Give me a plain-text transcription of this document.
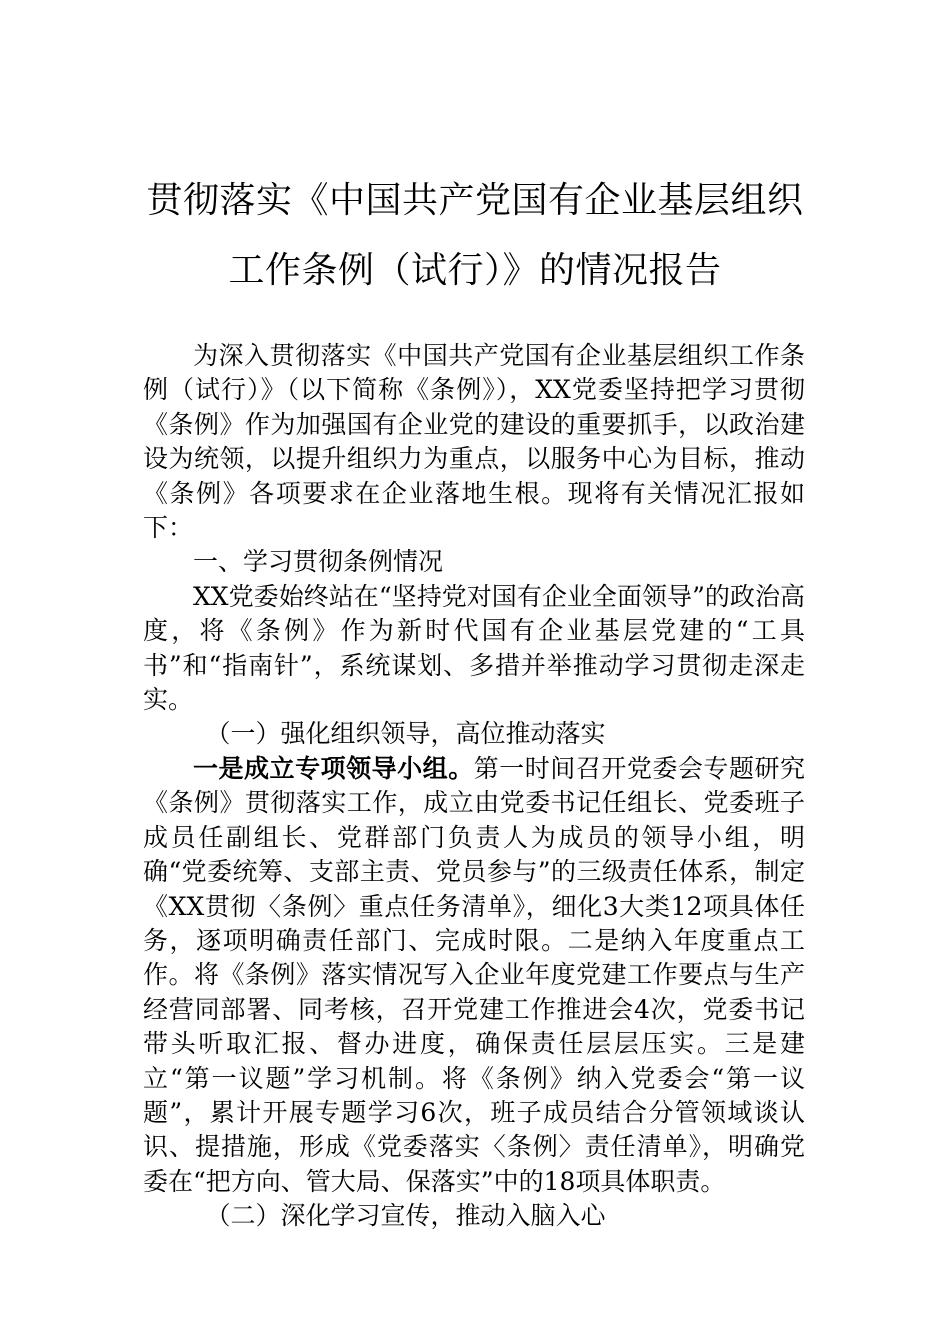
贯彻落实《中国共产党国有企业基层组织
工作条例（试行）》的情况报告

为深入贯彻落实《中国共产党国有企业基层组织工作条例（试行）》（以下简称《条例》），XX党委坚持把学习贯彻《条例》作为加强国有企业党的建设的重要抓手，以政治建设为统领，以提升组织力为重点，以服务中心为目标，推动《条例》各项要求在企业落地生根。现将有关情况汇报如下：

一、学习贯彻条例情况

XX党委始终站在“坚持党对国有企业全面领导”的政治高度，将《条例》作为新时代国有企业基层党建的“工具书”和“指南针”，系统谋划、多措并举推动学习贯彻走深走实。

（一）强化组织领导，高位推动落实

一是成立专项领导小组。第一时间召开党委会专题研究《条例》贯彻落实工作，成立由党委书记任组长、党委班子成员任副组长、党群部门负责人为成员的领导小组，明确“党委统筹、支部主责、党员参与”的三级责任体系，制定《XX贯彻〈条例〉重点任务清单》，细化3大类12项具体任务，逐项明确责任部门、完成时限。二是纳入年度重点工作。将《条例》落实情况写入企业年度党建工作要点与生产经营同部署、同考核，召开党建工作推进会4次，党委书记带头听取汇报、督办进度，确保责任层层压实。三是建立“第一议题”学习机制。将《条例》纳入党委会“第一议题”，累计开展专题学习6次，班子成员结合分管领域谈认识、提措施，形成《党委落实〈条例〉责任清单》，明确党委在“把方向、管大局、保落实”中的18项具体职责。

（二）深化学习宣传，推动入脑入心
